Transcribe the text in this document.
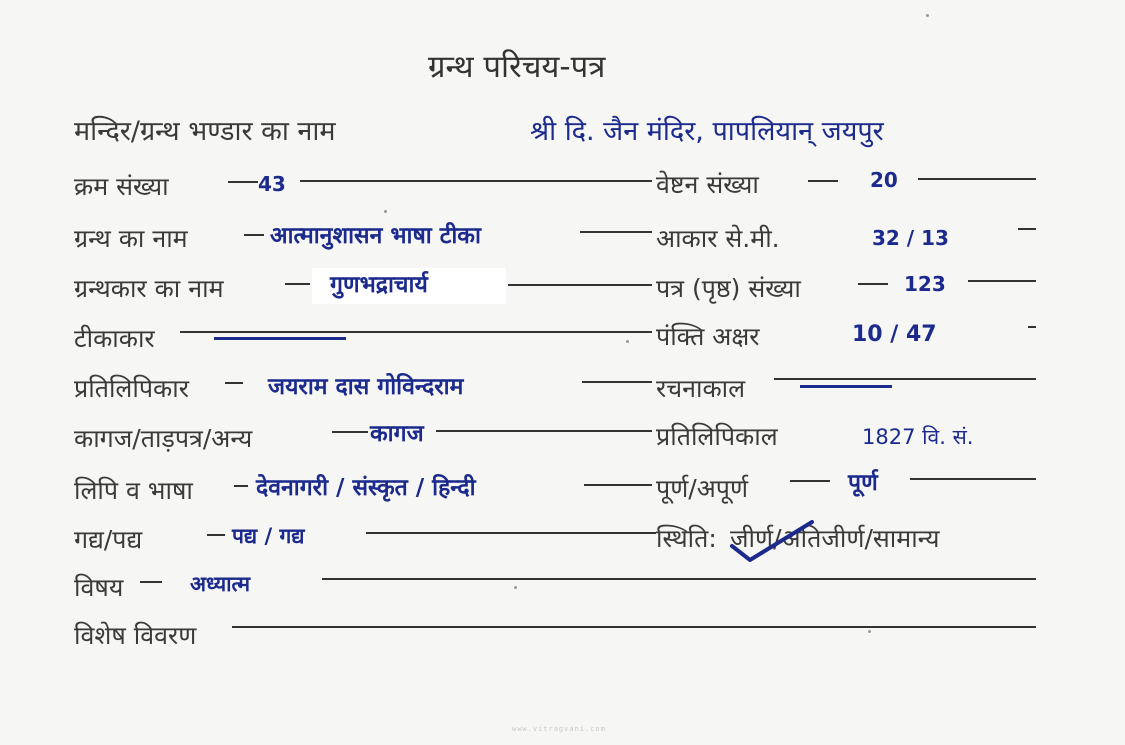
ग्रन्थ परिचय-पत्र
मन्दिर/ग्रन्थ भण्डार का नाम	श्री दि. जैन मंदिर, पापलियान् जयपुर
क्रम संख्या	43
ग्रन्थ का नाम	आत्मानुशासन भाषा टीका
ग्रन्थकार का नाम	गुणभद्राचार्य
टीकाकार
प्रतिलिपिकार	जयराम दास गोविन्दराम
कागज/ताड़पत्र/अन्य	कागज
लिपि व भाषा	देवनागरी / संस्कृत / हिन्दी
गद्य/पद्य	पद्य / गद्य
विषय	अध्यात्म
विशेष विवरण
वेष्टन संख्या	20
आकार से.मी.	32 / 13
पत्र (पृष्ठ) संख्या	123
पंक्ति अक्षर	10 / 47
रचनाकाल
प्रतिलिपिकाल	1827 वि. सं.
पूर्ण/अपूर्ण	पूर्ण
स्थिति: जीर्ण/अतिजीर्ण/सामान्य
www.vitragvani.com
